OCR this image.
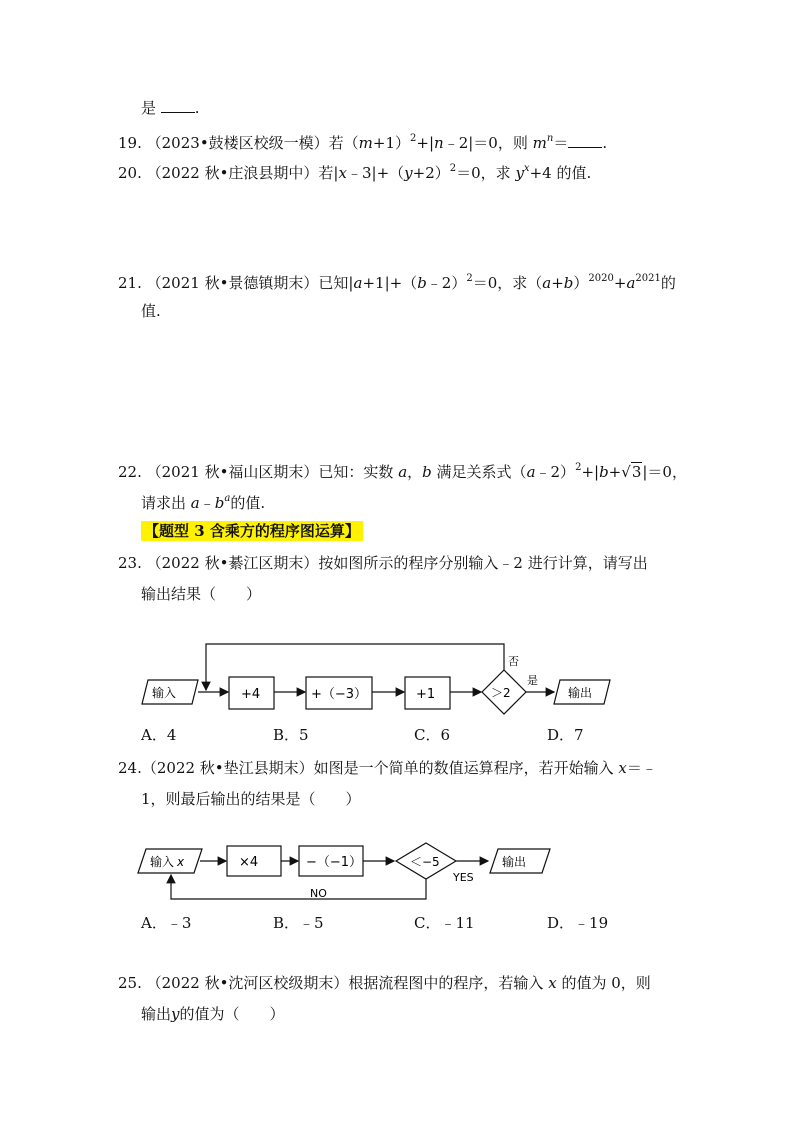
是	.
19. （2023•鼓楼区校级一模）若$(m+1)^2+|n﹣2|=0$，则 $m^n=$ .
20. （2022 秋•庄浪县期中）若$|x﹣3|+(y+2)^2=0$，求 $y^x+4$ 的值.
21. （2021 秋•景德镇期末）已知|a+1|+（b﹣2）$^2$＝0，求$(a+b)^{2020}+a^{2021}$的
值.
22. （2021 秋•福山区期末）已知：实数 a，b 满足关系式（a﹣2）$^2$+|b+√3|＝0，
请求出 $a﹣b^a$的值.
【题型 3 含乘方的程序图运算】
23. （2022 秋•綦江区期末）按如图所示的程序分别输入﹣2 进行计算，请写出
输出结果（　　）
输入	+4	+（−3）	+1	＞2
是
否
输出
A．4	B．5	C．6	D．7
24.（2022 秋•垫江县期末）如图是一个简单的数值运算程序，若开始输入 x＝﹣
1，则最后输出的结果是（　　）
输入 x	×4	−（−1）	＜−5
YES
NO
输出
A．﹣3	B．﹣5	C．﹣11	D．﹣19
25. （2022 秋•沈河区校级期末）根据流程图中的程序，若输入 x 的值为 0，则
输出y的值为（　　）
